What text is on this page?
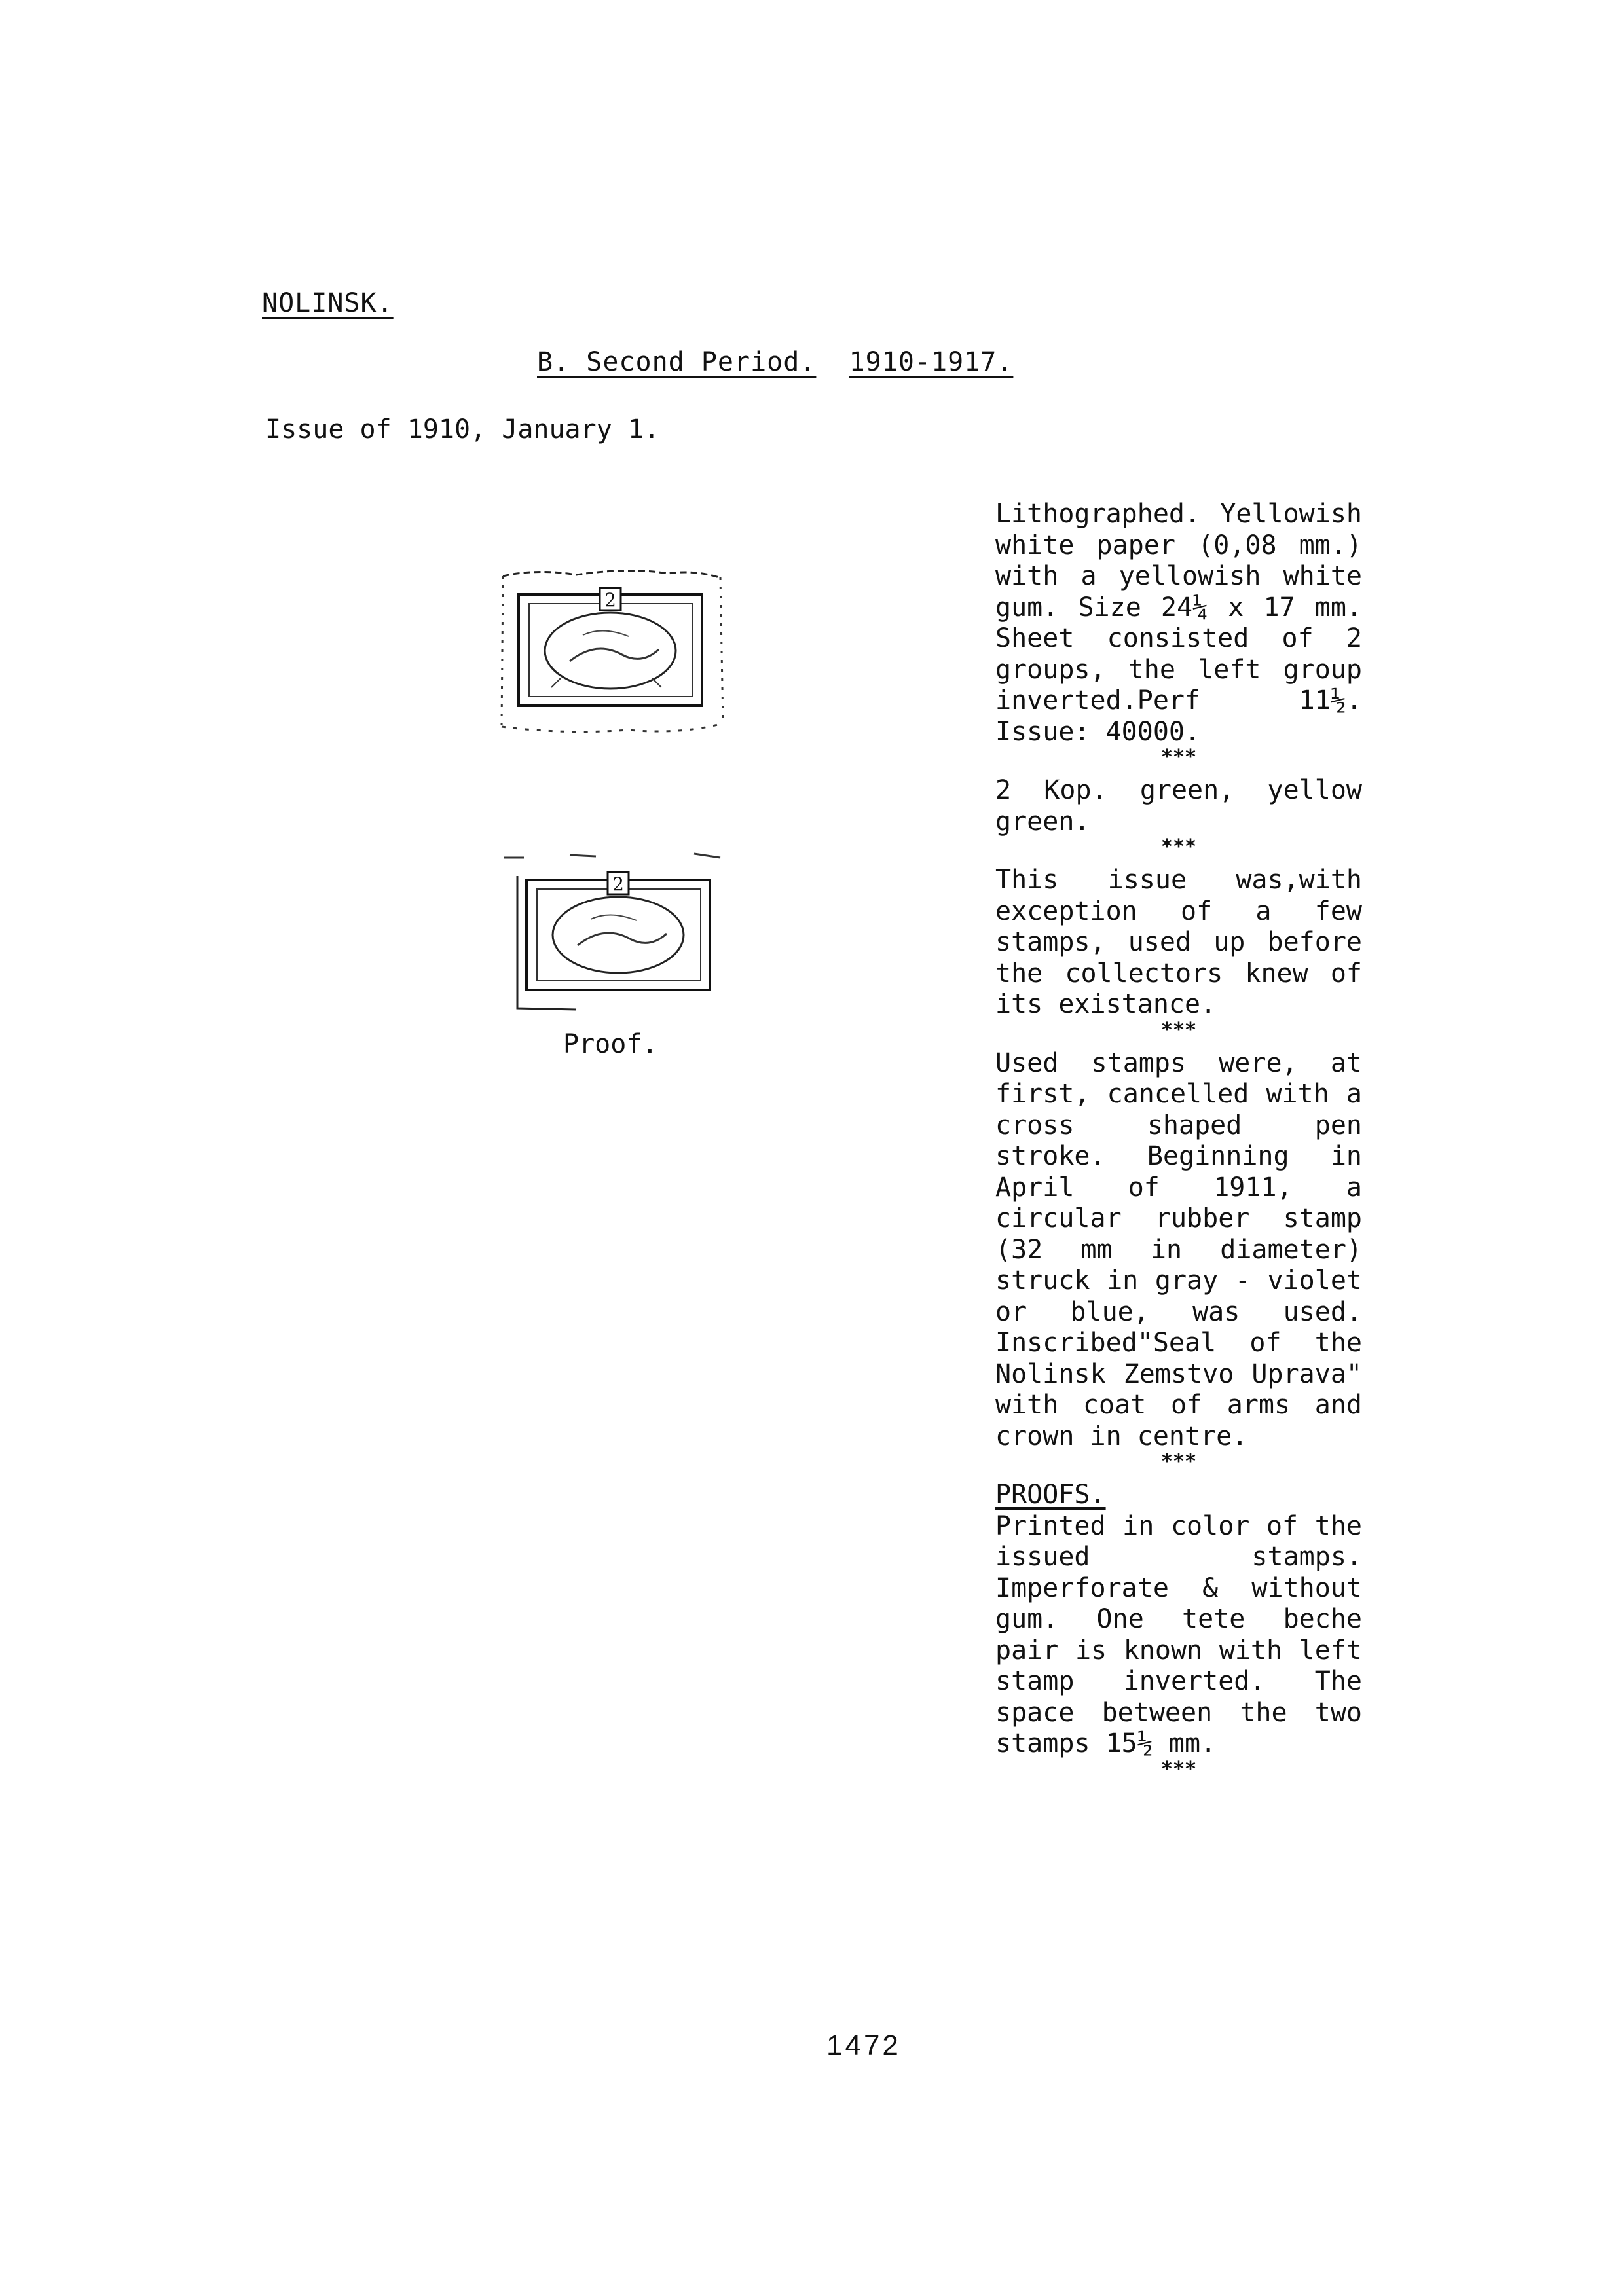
NOLINSK.
B. Second Period. 1910-1917.
Issue of 1910, January 1.
2
2
Proof.

Lithographed. Yellowish white paper (0,08 mm.) with a yellowish white gum. Size 24¼ x 17 mm. Sheet consisted of 2 groups, the left group inverted.Perf 11½. Issue: 40000.

***

2 Kop. green, yellow green.

***

This issue was,with exception of a few stamps, used up before the collectors knew of its existance.

***

Used stamps were, at first, cancelled with a cross shaped pen stroke. Beginning in April of 1911, a circular rubber stamp (32 mm in diameter) struck in gray - violet or blue, was used. Inscribed"Seal of the Nolinsk Zemstvo Uprava" with coat of arms and crown in centre.

***

PROOFS.

Printed in color of the issued stamps. Imperforate & without gum. One tete beche pair is known with left stamp inverted. The space between the two stamps 15½ mm.

***
1472
